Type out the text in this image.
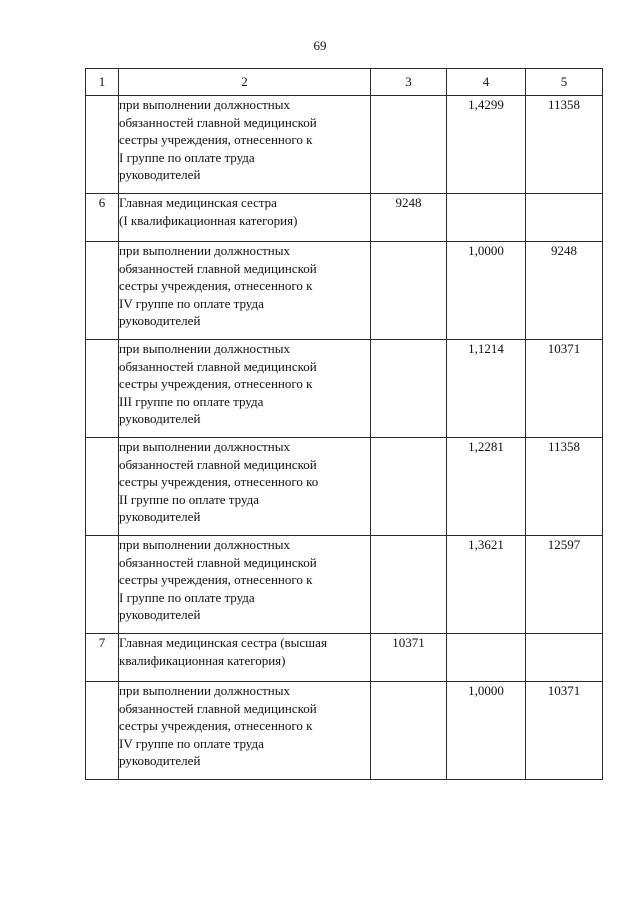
69
1	2	3	4	5

	при выполнении должностных
обязанностей главной медицинской
сестры учреждения, отнесенного к
I группе по оплате труда
руководителей		1,4299	11358
6	Главная медицинская сестра
(I квалификационная категория)	9248		

	при выполнении должностных
обязанностей главной медицинской
сестры учреждения, отнесенного к
IV группе по оплате труда
руководителей		1,0000	9248

	при выполнении должностных
обязанностей главной медицинской
сестры учреждения, отнесенного к
III группе по оплате труда
руководителей		1,1214	10371

	при выполнении должностных
обязанностей главной медицинской
сестры учреждения, отнесенного ко
II группе по оплате труда
руководителей		1,2281	11358

	при выполнении должностных
обязанностей главной медицинской
сестры учреждения, отнесенного к
I группе по оплате труда
руководителей		1,3621	12597
7	Главная медицинская сестра (высшая
квалификационная категория)	10371		

	при выполнении должностных
обязанностей главной медицинской
сестры учреждения, отнесенного к
IV группе по оплате труда
руководителей		1,0000	10371
